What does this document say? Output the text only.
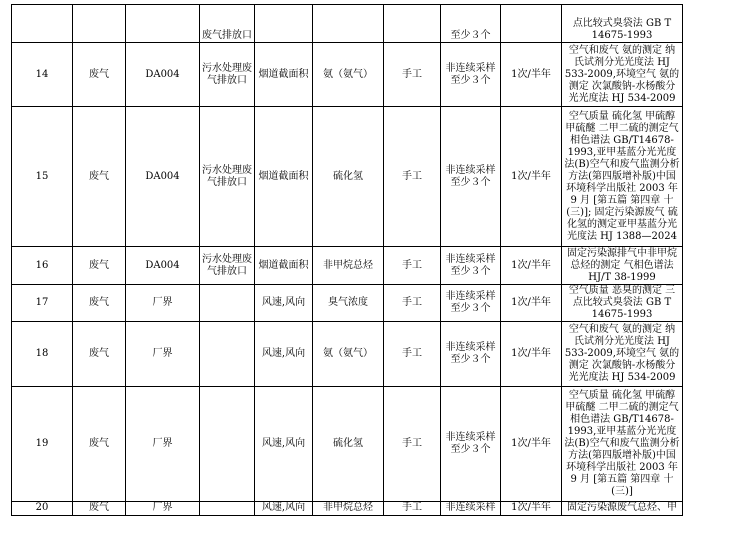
			废气排放口				至少３个		点比较式臭袋法 GB T 14675-1993
14	废气	DA004	污水处理废气排放口	烟道截面积	氨（氨气）	手工	非连续采样 至少３个	1次/半年	空气和废气 氨的测定 纳氏试剂分光光度法 HJ 533-2009,环境空气 氨的测定 次氯酸钠-水杨酸分光光度法 HJ 534-2009
15	废气	DA004	污水处理废气排放口	烟道截面积	硫化氢	手工	非连续采样 至少３个	1次/半年	空气质量 硫化氢 甲硫醇 甲硫醚 二甲二硫的测定气相色谱法 GB/T14678-1993,亚甲基蓝分光光度法(B)空气和废气监测分析方法(第四版增补版)中国环境科学出版社 2003 年 9 月 [第五篇 第四章 十(三)]; 固定污染源废气 硫化氢的测定亚甲基蓝分光光度法 HJ 1388—2024
16	废气	DA004	污水处理废气排放口	烟道截面积	非甲烷总烃	手工	非连续采样 至少３个	1次/半年	固定污染源排气中非甲烷总烃的测定 气相色谱法 HJ/T 38-1999
17	废气	厂界		风速,风向	臭气浓度	手工	非连续采样 至少３个	1次/半年	空气质量 恶臭的测定 三点比较式臭袋法 GB T 14675-1993
18	废气	厂界		风速,风向	氨（氨气）	手工	非连续采样 至少３个	1次/半年	空气和废气 氨的测定 纳氏试剂分光光度法 HJ 533-2009,环境空气 氨的测定 次氯酸钠-水杨酸分光光度法 HJ 534-2009
19	废气	厂界		风速,风向	硫化氢	手工	非连续采样 至少３个	1次/半年	空气质量 硫化氢 甲硫醇 甲硫醚 二甲二硫的测定气相色谱法 GB/T14678-1993,亚甲基蓝分光光度法(B)空气和废气监测分析方法(第四版增补版)中国环境科学出版社 2003 年 9 月 [第五篇 第四章 十(三)]
20	废气	厂界		风速,风向	非甲烷总烃	手工	非连续采样	1次/半年	固定污染源废气总烃、甲
